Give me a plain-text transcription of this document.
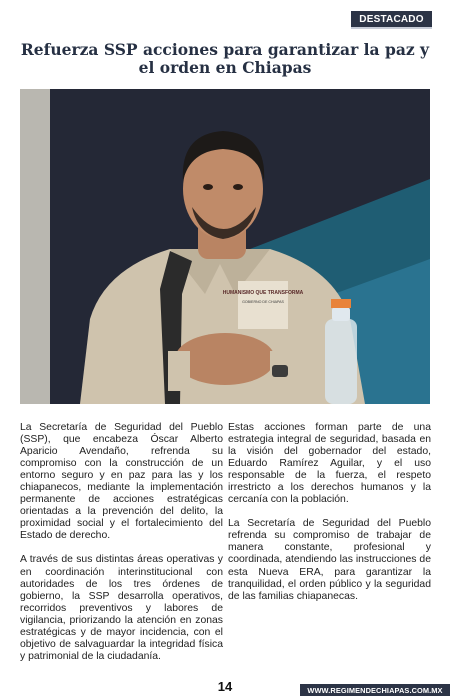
DESTACADO
Refuerza SSP acciones para garantizar la paz y el orden en Chiapas
HUMANISMO QUE TRANSFORMA
GOBIERNO DE CHIAPAS

La Secretaría de Seguridad del Pueblo (SSP), que encabeza Óscar Alberto Aparicio Avendaño, refrenda su compromiso con la construcción de un entorno seguro y en paz para las y los chiapanecos, mediante la implementación permanente de acciones estratégicas orientadas a la prevención del delito, la proximidad social y el fortalecimiento del Estado de derecho.

A través de sus distintas áreas operativas y en coordinación interinstitucional con autoridades de los tres órdenes de gobierno, la SSP desarrolla operativos, recorridos preventivos y labores de vigilancia, priorizando la atención en zonas estratégicas y de mayor incidencia, con el objetivo de salvaguardar la integridad física y patrimonial de la ciudadanía.

Estas acciones forman parte de una estrategia integral de seguridad, basada en la visión del gobernador del estado, Eduardo Ramírez Aguilar, y el uso responsable de la fuerza, el respeto irrestricto a los derechos humanos y la cercanía con la población.

La Secretaría de Seguridad del Pueblo refrenda su compromiso de trabajar de manera constante, profesional y coordinada, atendiendo las instrucciones de esta Nueva ERA, para garantizar la tranquilidad, el orden público y la seguridad de las familias chiapanecas.

14	WWW.REGIMENDECHIAPAS.COM.MX
